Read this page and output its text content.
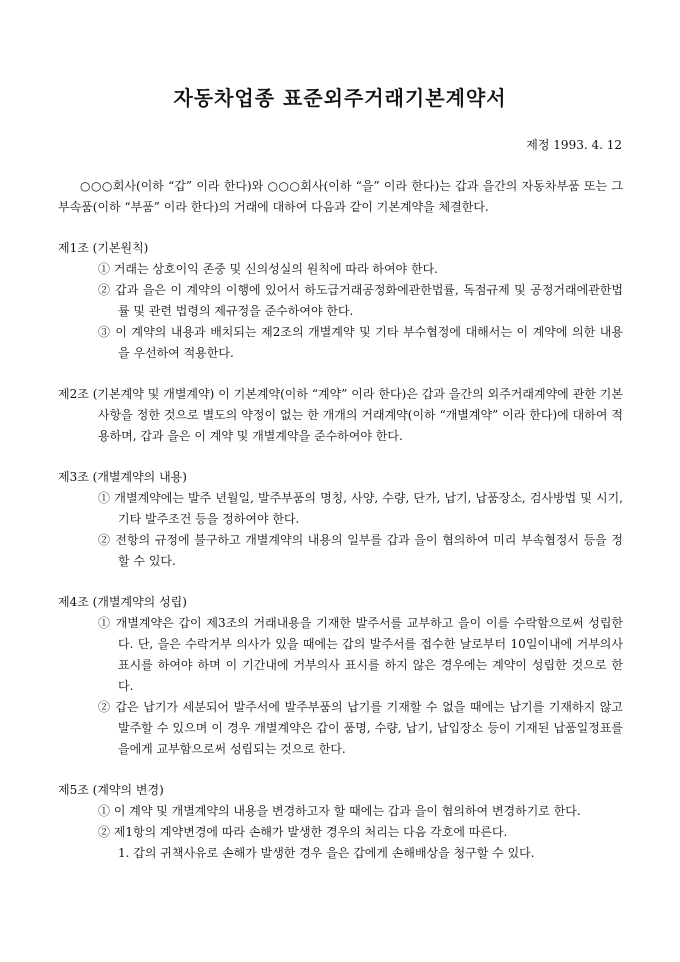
자동차업종 표준외주거래기본계약서
제정 1993. 4. 12

○○○회사(이하 “갑” 이라 한다)와 ○○○회사(이하 “을” 이라 한다)는 갑과 을간의 자동차부품 또는 그 부속품(이하 “부품” 이라 한다)의 거래에 대하여 다음과 같이 기본계약을 체결한다.

제1조 (기본원칙)

① 거래는 상호이익 존중 및 신의성실의 원칙에 따라 하여야 한다.

② 갑과 을은 이 계약의 이행에 있어서 하도급거래공정화에관한법률, 독점규제 및 공정거래에관한법률 및 관련 법령의 제규정을 준수하여야 한다.

③ 이 계약의 내용과 배치되는 제2조의 개별계약 및 기타 부수협정에 대해서는 이 계약에 의한 내용을 우선하여 적용한다.

제2조 (기본계약 및 개별계약) 이 기본계약(이하 “계약” 이라 한다)은 갑과 을간의 외주거래계약에 관한 기본사항을 정한 것으로 별도의 약정이 없는 한 개개의 거래계약(이하 “개별계약” 이라 한다)에 대하여 적용하며, 갑과 을은 이 계약 및 개별계약을 준수하여야 한다.

제3조 (개별계약의 내용)

① 개별계약에는 발주 년월일, 발주부품의 명칭, 사양, 수량, 단가, 납기, 납품장소, 검사방법 및 시기, 기타 발주조건 등을 정하여야 한다.

② 전항의 규정에 불구하고 개별계약의 내용의 일부를 갑과 을이 협의하여 미리 부속협정서 등을 정할 수 있다.

제4조 (개별계약의 성립)

① 개별계약은 갑이 제3조의 거래내용을 기재한 발주서를 교부하고 을이 이를 수락함으로써 성립한다. 단, 을은 수락거부 의사가 있을 때에는 갑의 발주서를 접수한 날로부터 10일이내에 거부의사 표시를 하여야 하며 이 기간내에 거부의사 표시를 하지 않은 경우에는 계약이 성립한 것으로 한다.

② 갑은 납기가 세분되어 발주서에 발주부품의 납기를 기재할 수 없을 때에는 납기를 기재하지 않고 발주할 수 있으며 이 경우 개별계약은 갑이 품명, 수량, 납기, 납입장소 등이 기재된 납품일정표를 을에게 교부함으로써 성립되는 것으로 한다.

제5조 (계약의 변경)

① 이 계약 및 개별계약의 내용을 변경하고자 할 때에는 갑과 을이 협의하여 변경하기로 한다.

② 제1항의 계약변경에 따라 손해가 발생한 경우의 처리는 다음 각호에 따른다.

1. 갑의 귀책사유로 손해가 발생한 경우 을은 갑에게 손해배상을 청구할 수 있다.
